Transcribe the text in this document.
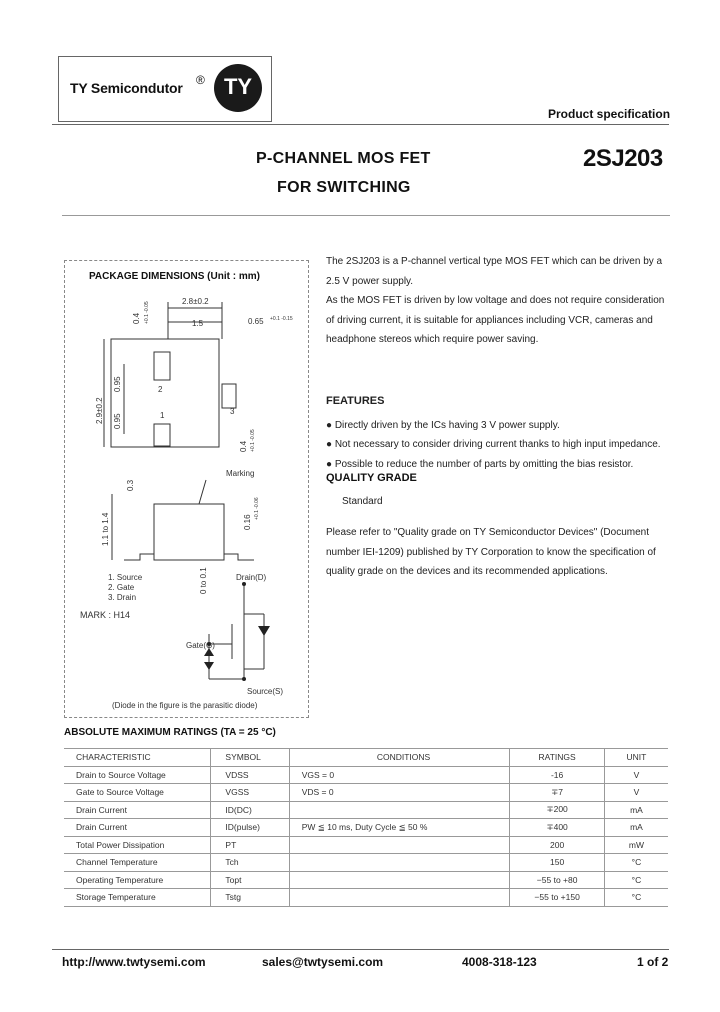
TY Semicondutor ® TY
Product specification
P-CHANNEL MOS FET
FOR SWITCHING
2SJ203

The 2SJ203 is a P-channel vertical type MOS FET which can be driven by a 2.5 V power supply.

As the MOS FET is driven by low voltage and does not require consideration of driving current, it is suitable for appliances including VCR, cameras and headphone stereos which require power saving.

FEATURES
● Directly driven by the ICs having 3 V power supply.
● Not necessary to consider driving current thanks to high input impedance.
● Possible to reduce the number of parts by omitting the bias resistor.
QUALITY GRADE
Standard

Please refer to "Quality grade on TY Semiconductor Devices" (Document number IEI-1209) published by TY Corporation to know the specification of quality grade on the devices and its recommended applications.

PACKAGE DIMENSIONS (Unit : mm)
2.8±0.2
1.5	0.65 +0.1 -0.15
0.4 +0.1 -0.05
2.9±0.2
0.95
0.95
0.4 +0.1 -0.05
1
2
3
Marking
0.3
1.1 to 1.4	0.16
+0.1 -0.06
0 to 0.1
1. Source
2. Gate
3. Drain
MARK : H14
Drain(D)
Gate(G)
Source(S)
(Diode in the figure is the parasitic diode)
ABSOLUTE MAXIMUM RATINGS (TA = 25 °C)
CHARACTERISTIC	SYMBOL	CONDITIONS	RATINGS	UNIT
Drain to Source Voltage	VDSS	VGS = 0	-16	V
Gate to Source Voltage	VGSS	VDS = 0	∓7	V
Drain Current	ID(DC)		∓200	mA
Drain Current	ID(pulse)	PW ≦ 10 ms, Duty Cycle ≦ 50 %	∓400	mA
Total Power Dissipation	PT		200	mW
Channel Temperature	Tch		150	°C
Operating Temperature	Topt		−55 to +80	°C
Storage Temperature	Tstg		−55 to +150	°C
http://www.twtysemi.com	sales@twtysemi.com	4008-318-123	1 of 2
